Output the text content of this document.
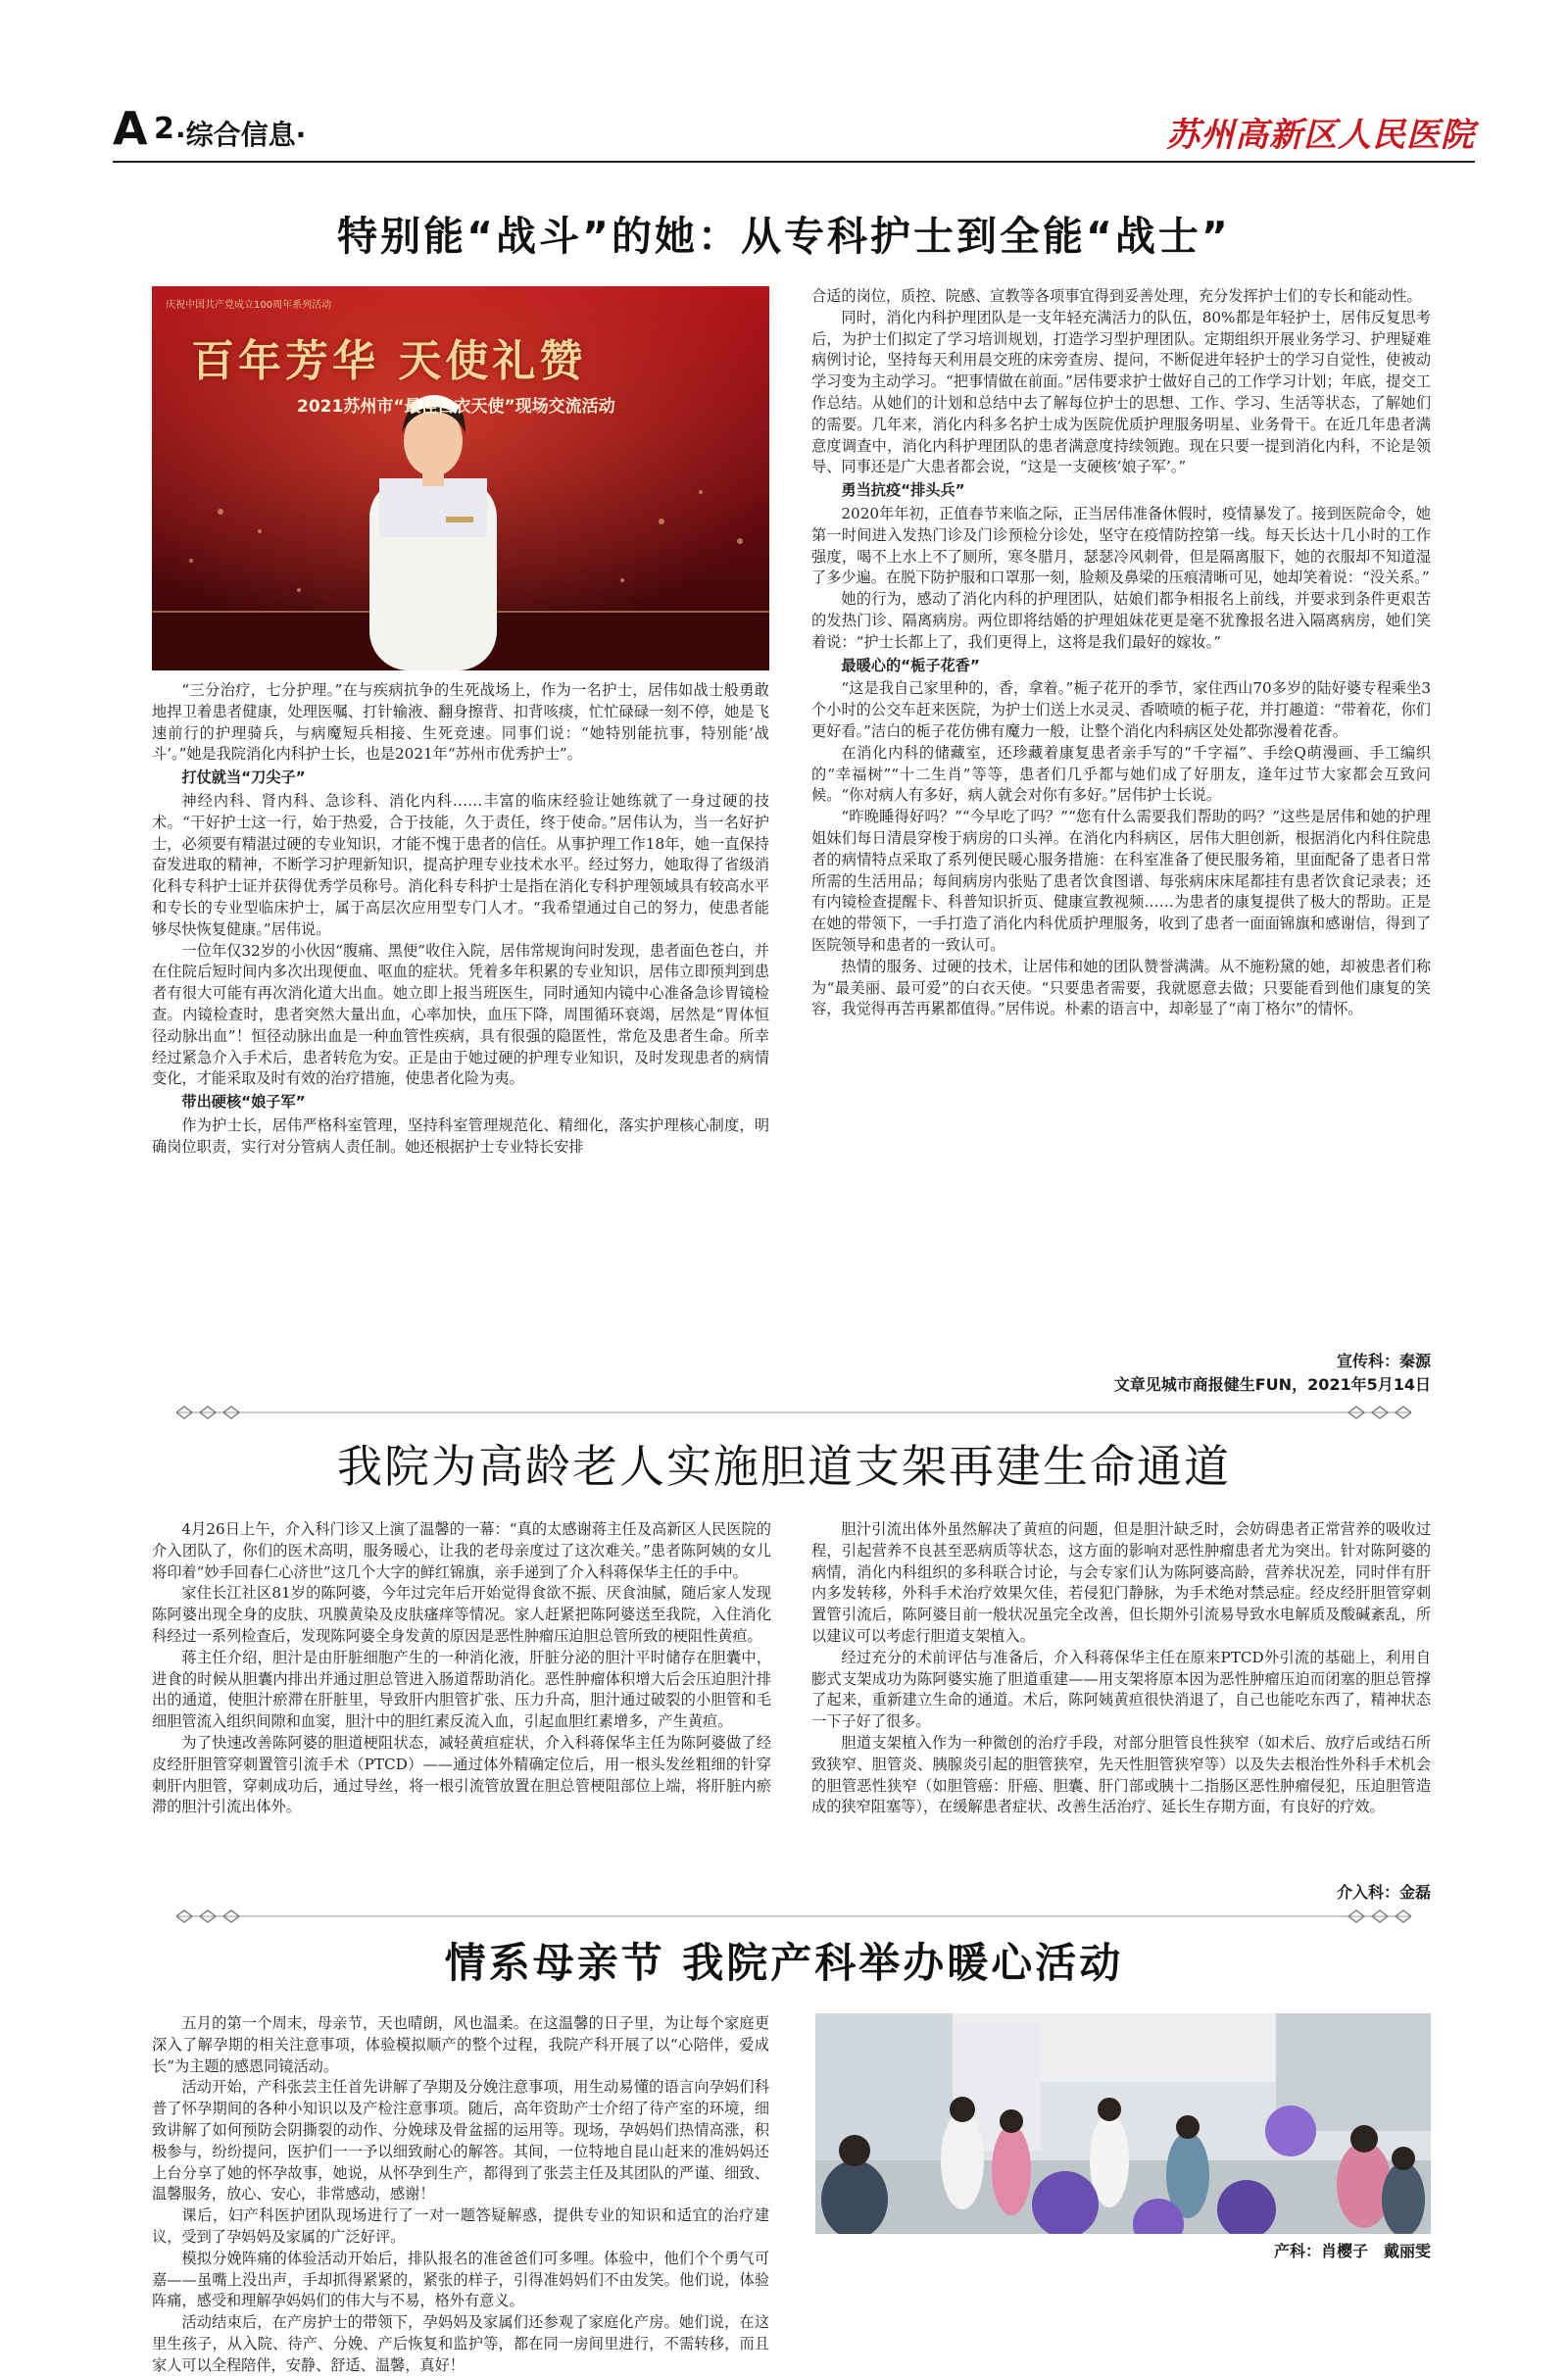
A 2 ·综合信息·	苏州高新区人民医院
特别能“战斗”的她：从专科护士到全能“战士”
庆祝中国共产党成立100周年系列活动
百年芳华 天使礼赞
2021苏州市“最佳白衣天使”现场交流活动

“三分治疗，七分护理。”在与疾病抗争的生死战场上，作为一名护士，居伟如战士般勇敢地捍卫着患者健康，处理医嘱、打针输液、翻身擦背、扣背咳痰，忙忙碌碌一刻不停，她是飞速前行的护理骑兵，与病魔短兵相接、生死竞速。同事们说：“她特别能抗事，特别能‘战斗’。”她是我院消化内科护士长，也是2021年“苏州市优秀护士”。

打仗就当“刀尖子”

神经内科、肾内科、急诊科、消化内科……丰富的临床经验让她练就了一身过硬的技术。“干好护士这一行，始于热爱，合于技能，久于责任，终于使命。”居伟认为，当一名好护士，必须要有精湛过硬的专业知识，才能不愧于患者的信任。从事护理工作18年，她一直保持奋发进取的精神，不断学习护理新知识，提高护理专业技术水平。经过努力，她取得了省级消化科专科护士证并获得优秀学员称号。消化科专科护士是指在消化专科护理领域具有较高水平和专长的专业型临床护士，属于高层次应用型专门人才。“我希望通过自己的努力，使患者能够尽快恢复健康。”居伟说。

一位年仅32岁的小伙因“腹痛、黑便”收住入院，居伟常规询问时发现，患者面色苍白，并在住院后短时间内多次出现便血、呕血的症状。凭着多年积累的专业知识，居伟立即预判到患者有很大可能有再次消化道大出血。她立即上报当班医生，同时通知内镜中心准备急诊胃镜检查。内镜检查时，患者突然大量出血，心率加快，血压下降，周围循环衰竭，居然是“胃体恒径动脉出血”！恒径动脉出血是一种血管性疾病，具有很强的隐匿性，常危及患者生命。所幸经过紧急介入手术后，患者转危为安。正是由于她过硬的护理专业知识，及时发现患者的病情变化，才能采取及时有效的治疗措施，使患者化险为夷。

带出硬核“娘子军”

作为护士长，居伟严格科室管理，坚持科室管理规范化、精细化，落实护理核心制度，明确岗位职责，实行对分管病人责任制。她还根据护士专业特长安排

合适的岗位，质控、院感、宣教等各项事宜得到妥善处理，充分发挥护士们的专长和能动性。

同时，消化内科护理团队是一支年轻充满活力的队伍，80%都是年轻护士，居伟反复思考后，为护士们拟定了学习培训规划，打造学习型护理团队。定期组织开展业务学习、护理疑难病例讨论，坚持每天利用晨交班的床旁查房、提问，不断促进年轻护士的学习自觉性，使被动学习变为主动学习。“把事情做在前面。”居伟要求护士做好自己的工作学习计划；年底，提交工作总结。从她们的计划和总结中去了解每位护士的思想、工作、学习、生活等状态，了解她们的需要。几年来，消化内科多名护士成为医院优质护理服务明星、业务骨干。在近几年患者满意度调查中，消化内科护理团队的患者满意度持续领跑。现在只要一提到消化内科，不论是领导、同事还是广大患者都会说，“这是一支硬核‘娘子军’。”

勇当抗疫“排头兵”

2020年年初，正值春节来临之际，正当居伟准备休假时，疫情暴发了。接到医院命令，她第一时间进入发热门诊及门诊预检分诊处，坚守在疫情防控第一线。每天长达十几小时的工作强度，喝不上水上不了厕所，寒冬腊月，瑟瑟冷风刺骨，但是隔离服下，她的衣服却不知道湿了多少遍。在脱下防护服和口罩那一刻，脸颊及鼻梁的压痕清晰可见，她却笑着说：“没关系。”

她的行为，感动了消化内科的护理团队，姑娘们都争相报名上前线，并要求到条件更艰苦的发热门诊、隔离病房。两位即将结婚的护理姐妹花更是毫不犹豫报名进入隔离病房，她们笑着说：“护士长都上了，我们更得上，这将是我们最好的嫁妆。”

最暖心的“栀子花香”

“这是我自己家里种的，香，拿着。”栀子花开的季节，家住西山70多岁的陆好婆专程乘坐3个小时的公交车赶来医院，为护士们送上水灵灵、香喷喷的栀子花，并打趣道：“带着花，你们更好看。”洁白的栀子花仿佛有魔力一般，让整个消化内科病区处处都弥漫着花香。

在消化内科的储藏室，还珍藏着康复患者亲手写的“千字福”、手绘Q萌漫画、手工编织的“幸福树”“十二生肖”等等，患者们几乎都与她们成了好朋友，逢年过节大家都会互致问候。“你对病人有多好，病人就会对你有多好。”居伟护士长说。

“昨晚睡得好吗？”“今早吃了吗？”“您有什么需要我们帮助的吗？”这些是居伟和她的护理姐妹们每日清晨穿梭于病房的口头禅。在消化内科病区，居伟大胆创新，根据消化内科住院患者的病情特点采取了系列便民暖心服务措施：在科室准备了便民服务箱，里面配备了患者日常所需的生活用品；每间病房内张贴了患者饮食图谱、每张病床床尾都挂有患者饮食记录表；还有内镜检查提醒卡、科普知识折页、健康宣教视频……为患者的康复提供了极大的帮助。正是在她的带领下，一手打造了消化内科优质护理服务，收到了患者一面面锦旗和感谢信，得到了医院领导和患者的一致认可。

热情的服务、过硬的技术，让居伟和她的团队赞誉满满。从不施粉黛的她，却被患者们称为“最美丽、最可爱”的白衣天使。“只要患者需要，我就愿意去做；只要能看到他们康复的笑容，我觉得再苦再累都值得。”居伟说。朴素的语言中，却彰显了“南丁格尔”的情怀。

宣传科：秦源
文章见城市商报健生FUN，2021年5月14日
我院为高龄老人实施胆道支架再建生命通道

4月26日上午，介入科门诊又上演了温馨的一幕：“真的太感谢蒋主任及高新区人民医院的介入团队了，你们的医术高明，服务暖心，让我的老母亲度过了这次难关。”患者陈阿姨的女儿将印着“妙手回春仁心济世”这几个大字的鲜红锦旗，亲手递到了介入科蒋保华主任的手中。

家住长江社区81岁的陈阿婆，今年过完年后开始觉得食欲不振、厌食油腻，随后家人发现陈阿婆出现全身的皮肤、巩膜黄染及皮肤瘙痒等情况。家人赶紧把陈阿婆送至我院，入住消化科经过一系列检查后，发现陈阿婆全身发黄的原因是恶性肿瘤压迫胆总管所致的梗阻性黄疸。

蒋主任介绍，胆汁是由肝脏细胞产生的一种消化液，肝脏分泌的胆汁平时储存在胆囊中，进食的时候从胆囊内排出并通过胆总管进入肠道帮助消化。恶性肿瘤体积增大后会压迫胆汁排出的通道，使胆汁瘀滞在肝脏里，导致肝内胆管扩张、压力升高，胆汁通过破裂的小胆管和毛细胆管流入组织间隙和血窦，胆汁中的胆红素反流入血，引起血胆红素增多，产生黄疸。

为了快速改善陈阿婆的胆道梗阻状态，减轻黄疸症状，介入科蒋保华主任为陈阿婆做了经皮经肝胆管穿刺置管引流手术（PTCD）——通过体外精确定位后，用一根头发丝粗细的针穿刺肝内胆管，穿刺成功后，通过导丝，将一根引流管放置在胆总管梗阻部位上端，将肝脏内瘀滞的胆汁引流出体外。

胆汁引流出体外虽然解决了黄疸的问题，但是胆汁缺乏时，会妨碍患者正常营养的吸收过程，引起营养不良甚至恶病质等状态，这方面的影响对恶性肿瘤患者尤为突出。针对陈阿婆的病情，消化内科组织的多科联合讨论，与会专家们认为陈阿婆高龄，营养状况差，同时伴有肝内多发转移，外科手术治疗效果欠佳，若侵犯门静脉，为手术绝对禁忌症。经皮经肝胆管穿刺置管引流后，陈阿婆目前一般状况虽完全改善，但长期外引流易导致水电解质及酸碱紊乱，所以建议可以考虑行胆道支架植入。

经过充分的术前评估与准备后，介入科蒋保华主任在原来PTCD外引流的基础上，利用自膨式支架成功为陈阿婆实施了胆道重建——用支架将原本因为恶性肿瘤压迫而闭塞的胆总管撑了起来，重新建立生命的通道。术后，陈阿姨黄疸很快消退了，自己也能吃东西了，精神状态一下子好了很多。

胆道支架植入作为一种微创的治疗手段，对部分胆管良性狭窄（如术后、放疗后或结石所致狭窄、胆管炎、胰腺炎引起的胆管狭窄，先天性胆管狭窄等）以及失去根治性外科手术机会的胆管恶性狭窄（如胆管癌：肝癌、胆囊、肝门部或胰十二指肠区恶性肿瘤侵犯，压迫胆管造成的狭窄阻塞等），在缓解患者症状、改善生活治疗、延长生存期方面，有良好的疗效。

介入科：金磊
情系母亲节 我院产科举办暖心活动

五月的第一个周末，母亲节，天也晴朗，风也温柔。在这温馨的日子里，为让每个家庭更深入了解孕期的相关注意事项，体验模拟顺产的整个过程，我院产科开展了以“心陪伴，爱成长”为主题的感恩同镜活动。

活动开始，产科张芸主任首先讲解了孕期及分娩注意事项，用生动易懂的语言向孕妈们科普了怀孕期间的各种小知识以及产检注意事项。随后，高年资助产士介绍了待产室的环境，细致讲解了如何预防会阴撕裂的动作、分娩球及骨盆摇的运用等。现场，孕妈妈们热情高涨，积极参与，纷纷提问，医护们一一予以细致耐心的解答。其间，一位特地自昆山赶来的准妈妈还上台分享了她的怀孕故事，她说，从怀孕到生产，都得到了张芸主任及其团队的严谨、细致、温馨服务，放心、安心，非常感动，感谢！

课后，妇产科医护团队现场进行了一对一题答疑解惑，提供专业的知识和适宜的治疗建议，受到了孕妈妈及家属的广泛好评。

模拟分娩阵痛的体验活动开始后，排队报名的准爸爸们可多哩。体验中，他们个个勇气可嘉——虽嘴上没出声，手却抓得紧紧的，紧张的样子，引得准妈妈们不由发笑。他们说，体验阵痛，感受和理解孕妈妈们的伟大与不易，格外有意义。

活动结束后，在产房护士的带领下，孕妈妈及家属们还参观了家庭化产房。她们说，在这里生孩子，从入院、待产、分娩、产后恢复和监护等，都在同一房间里进行，不需转移，而且家人可以全程陪伴，安静、舒适、温馨，真好！

产科：肖樱子　戴丽雯
